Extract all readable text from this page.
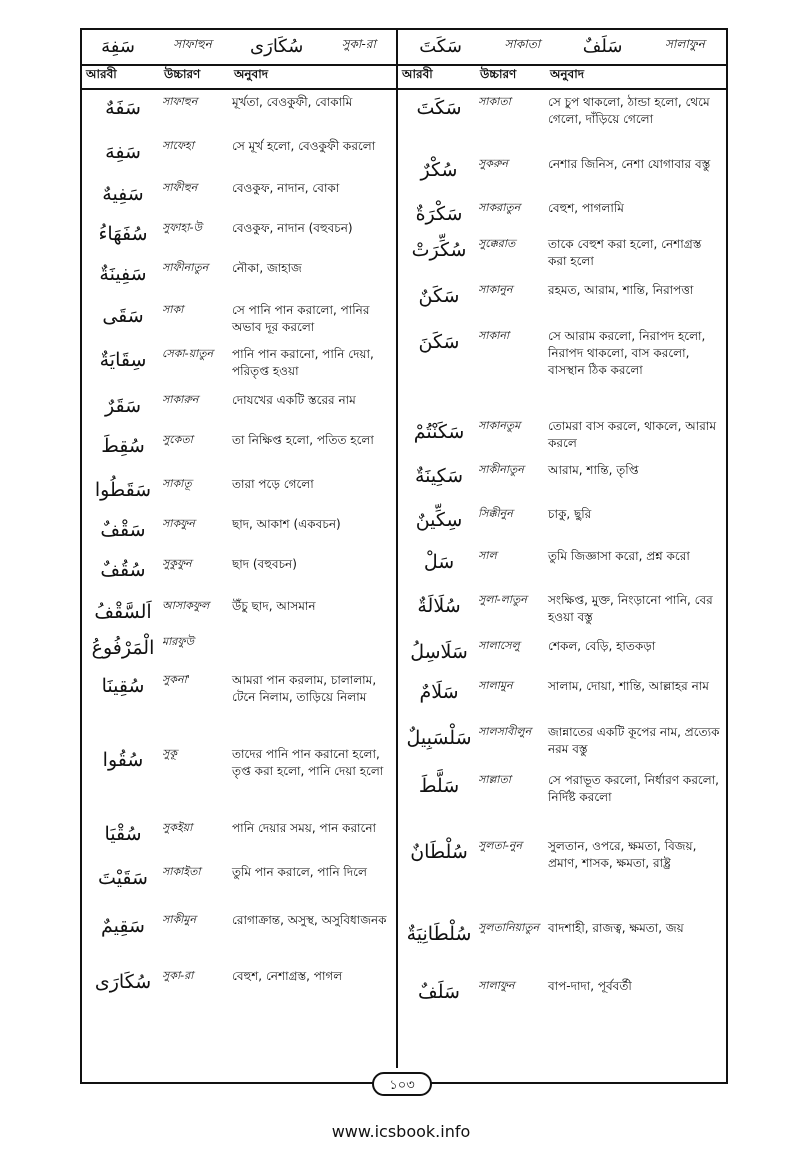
سَفِهَ	সাফাহুন سُكَارَى	সুকা-রা سَكَتَ	সাকাতা سَلَفٌ	সালাফুন
আরবী	উচ্চারণ	অনুবাদ	আরবী	উচ্চারণ	অনুবাদ
سَفَهٌ	সাফাহুন	মূর্খতা, বেওকুফী, বোকামি
سَفِهَ	সাফেহা	সে মূর্খ হলো, বেওকুফী করলো
سَفِيهٌ	সাফীহুন	বেওকুফ, নাদান, বোকা
سُفَهَاءُ	সুফাহা-উ	বেওকুফ, নাদান (বহুবচন)
سَفِينَةٌ	সাফীনাতুন	নৌকা, জাহাজ
سَقَى	সাকা	সে পানি পান করালো, পানির অভাব দূর করলো
سِقَايَةٌ	সেকা-য়াতুন	পানি পান করানো, পানি দেয়া, পরিতৃপ্ত হওয়া
سَقَرٌ	সাকারুন	দোযখের একটি স্তরের নাম
سُقِطَ	সুকেতা	তা নিক্ষিপ্ত হলো, পতিত হলো
سَقَطُوا সাকাতূ	তারা পড়ে গেলো
سَقْفٌ	সাকফুন	ছাদ, আকাশ (একবচন)
سُقُفٌ	সুকুফুন	ছাদ (বহুবচন)
اَلسَّقْفُ আসাকফুল	উঁচু ছাদ, আসমান
الْمَرْفُوعُ মারফুউ
سُقِينَا	সুকনা'	আমরা পান করলাম, চালালাম, টেনে নিলাম, তাড়িয়ে নিলাম
سُقُوا	সুকূ	তাদের পানি পান করানো হলো, তৃপ্ত করা হলো, পানি দেয়া হলো
سُقْيَا	সুকইয়া	পানি দেয়ার সময়, পান করানো
سَقَيْتَ	সাকাইতা	তুমি পান করালে, পানি দিলে
سَقِيمٌ	সাকীমুন	রোগাক্রান্ত, অসুস্থ, অসুবিধাজনক
سُكَارَى সুকা-রা	বেহুশ, নেশাগ্রস্ত, পাগল
سَكَتَ	সাকাতা	সে চুপ থাকলো, ঠান্ডা হলো, থেমে গেলো, দাঁড়িয়ে গেলো
سُكْرٌ	সুকরুন	নেশার জিনিস, নেশা যোগাবার বস্তু
سَكْرَةٌ	সাকরাতুন	বেহুশ, পাগলামি
سُكِّرَتْ	সুক্কেরাত	তাকে বেহুশ করা হলো, নেশাগ্রস্ত করা হলো
سَكَنٌ	সাকানুন	রহমত, আরাম, শান্তি, নিরাপত্তা
سَكَنَ	সাকানা	সে আরাম করলো, নিরাপদ হলো, নিরাপদ থাকলো, বাস করলো, বাসস্থান ঠিক করলো
سَكَنْتُمْ	সাকানতুম	তোমরা বাস করলে, থাকলে, আরাম করলে
سَكِينَةٌ	সাকীনাতুন	আরাম, শান্তি, তৃপ্তি
سِكِّينٌ	সিক্কীনুন	চাকু, ছুরি
سَلْ	সাল	তুমি জিজ্ঞাসা করো, প্রশ্ন করো
سُلَالَةٌ	সুলা-লাতুন	সংক্ষিপ্ত, মুক্ত, নিংড়ানো পানি, বের হওয়া বস্তু
سَلَاسِلُ সালাসেলু	শেকল, বেড়ি, হাতকড়া
سَلَامٌ	সালামুন	সালাম, দোয়া, শান্তি, আল্লাহর নাম
سَلْسَبِيلٌ সালসাবীলুন	জান্নাতের একটি কূপের নাম, প্রত্যেক নরম বস্তু
سَلَّطَ	সাল্লাতা	সে পরাভূত করলো, নির্ধারণ করলো, নির্দিষ্ট করলো
سُلْطَانٌ সুলতা-নুন	সুলতান, ওপরে, ক্ষমতা, বিজয়, প্রমাণ, শাসক, ক্ষমতা, রাষ্ট্র
سُلْطَانِيَةٌ সুলতানিয়াতুন বাদশাহী, রাজত্ব, ক্ষমতা, জয়
سَلَفٌ	সালাফুন	বাপ-দাদা, পূর্ববর্তী
১০৩
www.icsbook.info
